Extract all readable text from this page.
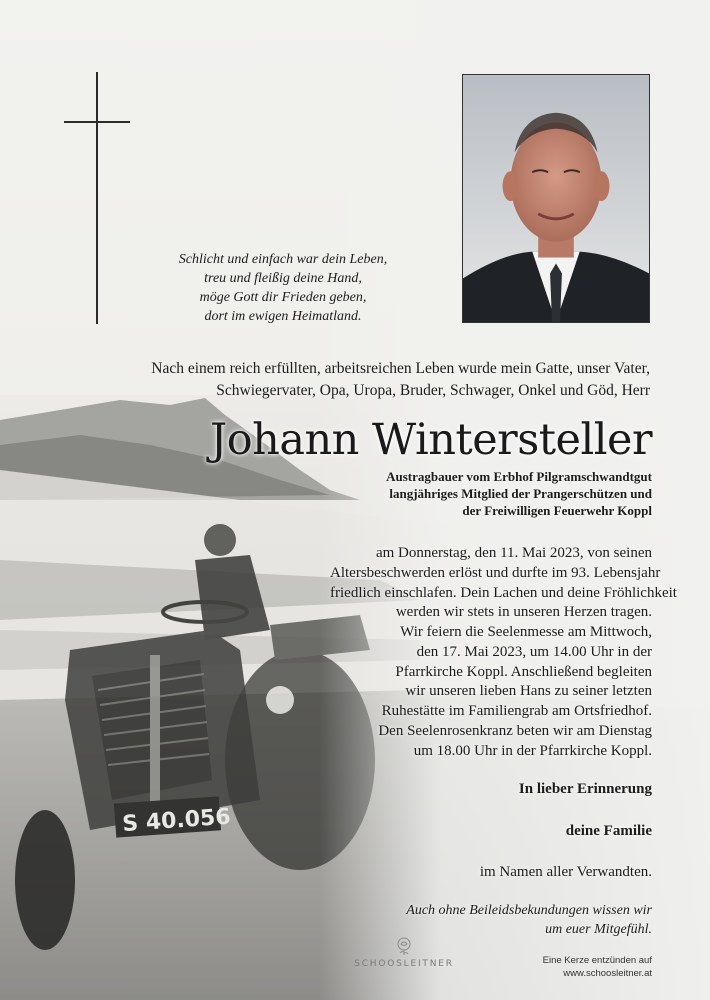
Schlicht und einfach war dein Leben,
treu und fleißig deine Hand,
möge Gott dir Frieden geben,
dort im ewigen Heimatland.
Nach einem reich erfüllten, arbeitsreichen Leben wurde mein Gatte, unser Vater,
Schwiegervater, Opa, Uropa, Bruder, Schwager, Onkel und Göd, Herr
Johann Wintersteller
Austragbauer vom Erbhof Pilgramschwandtgut
langjähriges Mitglied der Prangerschützen und
der Freiwilligen Feuerwehr Koppl
am Donnerstag, den 11. Mai 2023, von seinen
Altersbeschwerden erlöst und durfte im 93. Lebensjahr
friedlich einschlafen. Dein Lachen und deine Fröhlichkeit
werden wir stets in unseren Herzen tragen.
Wir feiern die Seelenmesse am Mittwoch,
den 17. Mai 2023, um 14.00 Uhr in der
Pfarrkirche Koppl. Anschließend begleiten
wir unseren lieben Hans zu seiner letzten
Ruhestätte im Familiengrab am Ortsfriedhof.
Den Seelenrosenkranz beten wir am Dienstag
um 18.00 Uhr in der Pfarrkirche Koppl.
In lieber Erinnerung
deine Familie
im Namen aller Verwandten.
Auch ohne Beileidsbekundungen wissen wir
um euer Mitgefühl.
SCHOOSLEITNER	Eine Kerze entzünden auf
www.schoosleitner.at
